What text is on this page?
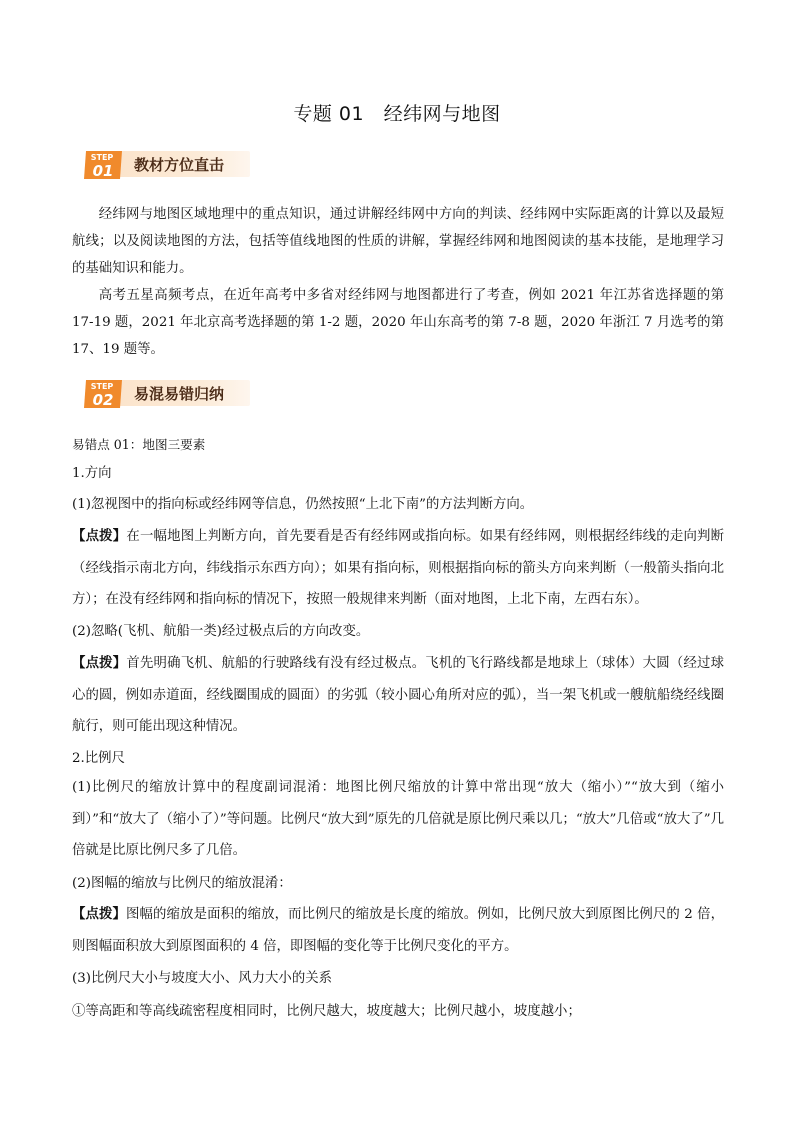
专题 01　经纬网与地图
STEP
01 教材方位直击
经纬网与地图区域地理中的重点知识，通过讲解经纬网中方向的判读、经纬网中实际距离的计算以及最短航线；以及阅读地图的方法，包括等值线地图的性质的讲解，掌握经纬网和地图阅读的基本技能，是地理学习的基础知识和能力。
高考五星高频考点，在近年高考中多省对经纬网与地图都进行了考查，例如 2021 年江苏省选择题的第 17-19 题，2021 年北京高考选择题的第 1-2 题，2020 年山东高考的第 7-8 题，2020 年浙江 7 月选考的第 17、19 题等。
STEP
02 易混易错归纳
易错点 01：地图三要素
1.方向
(1)忽视图中的指向标或经纬网等信息，仍然按照“上北下南”的方法判断方向。
【点拨】在一幅地图上判断方向，首先要看是否有经纬网或指向标。如果有经纬网，则根据经纬线的走向判断（经线指示南北方向，纬线指示东西方向）；如果有指向标，则根据指向标的箭头方向来判断（一般箭头指向北方）；在没有经纬网和指向标的情况下，按照一般规律来判断（面对地图，上北下南，左西右东）。
(2)忽略(飞机、航船一类)经过极点后的方向改变。
【点拨】首先明确飞机、航船的行驶路线有没有经过极点。飞机的飞行路线都是地球上（球体）大圆（经过球心的圆，例如赤道面，经线圈围成的圆面）的劣弧（较小圆心角所对应的弧），当一架飞机或一艘航船绕经线圈航行，则可能出现这种情况。
2.比例尺
(1)比例尺的缩放计算中的程度副词混淆：地图比例尺缩放的计算中常出现“放大（缩小）”“放大到（缩小到）”和“放大了（缩小了）”等问题。比例尺“放大到”原先的几倍就是原比例尺乘以几；“放大”几倍或“放大了”几倍就是比原比例尺多了几倍。
(2)图幅的缩放与比例尺的缩放混淆：
【点拨】图幅的缩放是面积的缩放，而比例尺的缩放是长度的缩放。例如，比例尺放大到原图比例尺的 2 倍，则图幅面积放大到原图面积的 4 倍，即图幅的变化等于比例尺变化的平方。
(3)比例尺大小与坡度大小、风力大小的关系
①等高距和等高线疏密程度相同时，比例尺越大，坡度越大；比例尺越小，坡度越小；
